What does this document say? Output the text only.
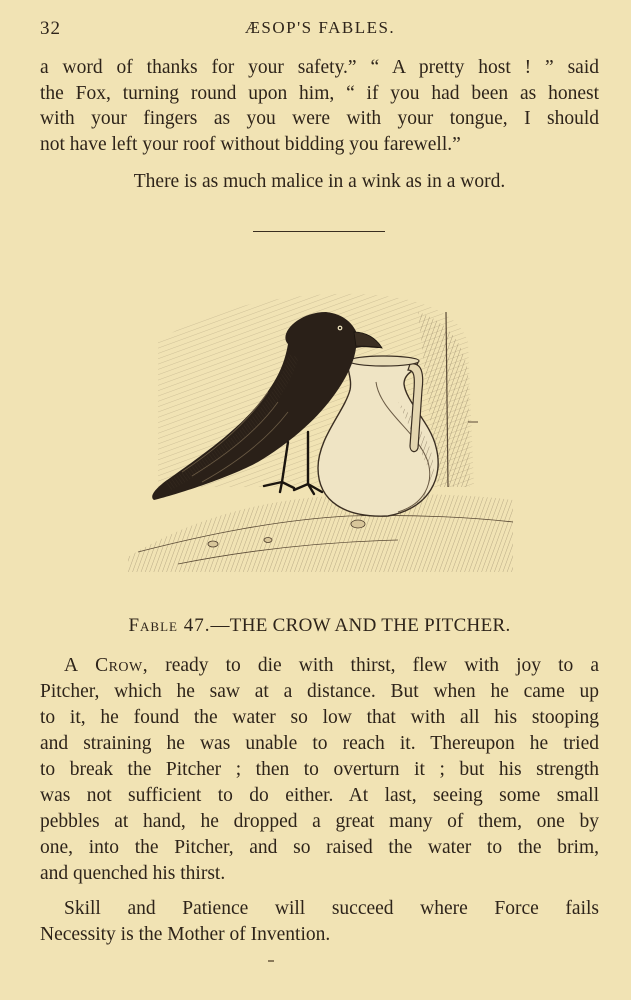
32	ÆSOP'S FABLES.
a word of thanks for your safety.” “ A pretty host ! ” said
the Fox, turning round upon him, “ if you had been as honest
with your fingers as you were with your tongue, I should
not have left your roof without bidding you farewell.”
There is as much malice in a wink as in a word.
Fable 47.—THE CROW AND THE PITCHER.
A Crow, ready to die with thirst, flew with joy to a
Pitcher, which he saw at a distance. But when he came up
to it, he found the water so low that with all his stooping
and straining he was unable to reach it. Thereupon he tried
to break the Pitcher ; then to overturn it ; but his strength
was not sufficient to do either. At last, seeing some small
pebbles at hand, he dropped a great many of them, one by
one, into the Pitcher, and so raised the water to the brim,
and quenched his thirst.
Skill and Patience will succeed where Force fails
Necessity is the Mother of Invention.
